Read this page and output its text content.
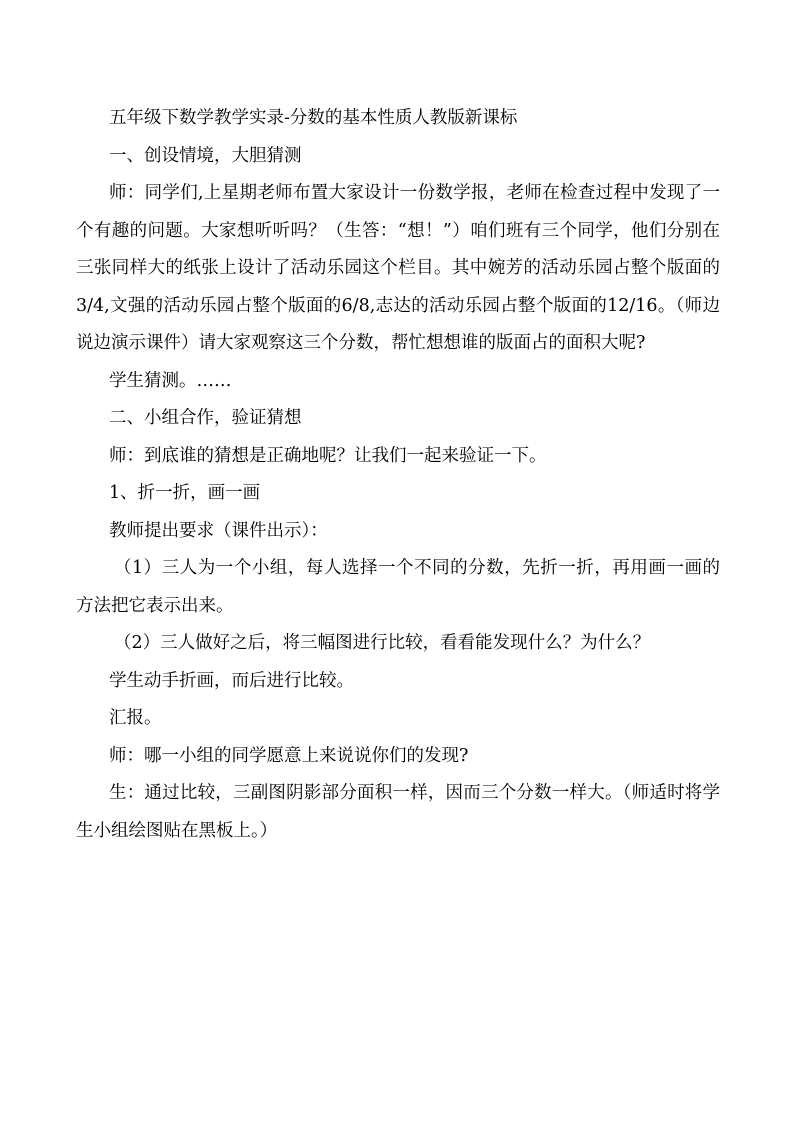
五年级下数学教学实录-分数的基本性质人教版新课标

一、创设情境，大胆猜测

师：同学们,上星期老师布置大家设计一份数学报，老师在检查过程中发现了一个有趣的问题。大家想听听吗？（生答：“想！”）咱们班有三个同学，他们分别在三张同样大的纸张上设计了活动乐园这个栏目。其中婉芳的活动乐园占整个版面的3/4,文强的活动乐园占整个版面的6/8,志达的活动乐园占整个版面的12/16。（师边说边演示课件）请大家观察这三个分数，帮忙想想谁的版面占的面积大呢?

学生猜测。……

二、小组合作，验证猜想

师：到底谁的猜想是正确地呢？让我们一起来验证一下。

1、折一折，画一画

教师提出要求（课件出示）：

（1）三人为一个小组，每人选择一个不同的分数，先折一折，再用画一画的方法把它表示出来。

（2）三人做好之后，将三幅图进行比较，看看能发现什么？为什么？

学生动手折画，而后进行比较。

汇报。

师：哪一小组的同学愿意上来说说你们的发现?

生：通过比较，三副图阴影部分面积一样，因而三个分数一样大。（师适时将学生小组绘图贴在黑板上。）
